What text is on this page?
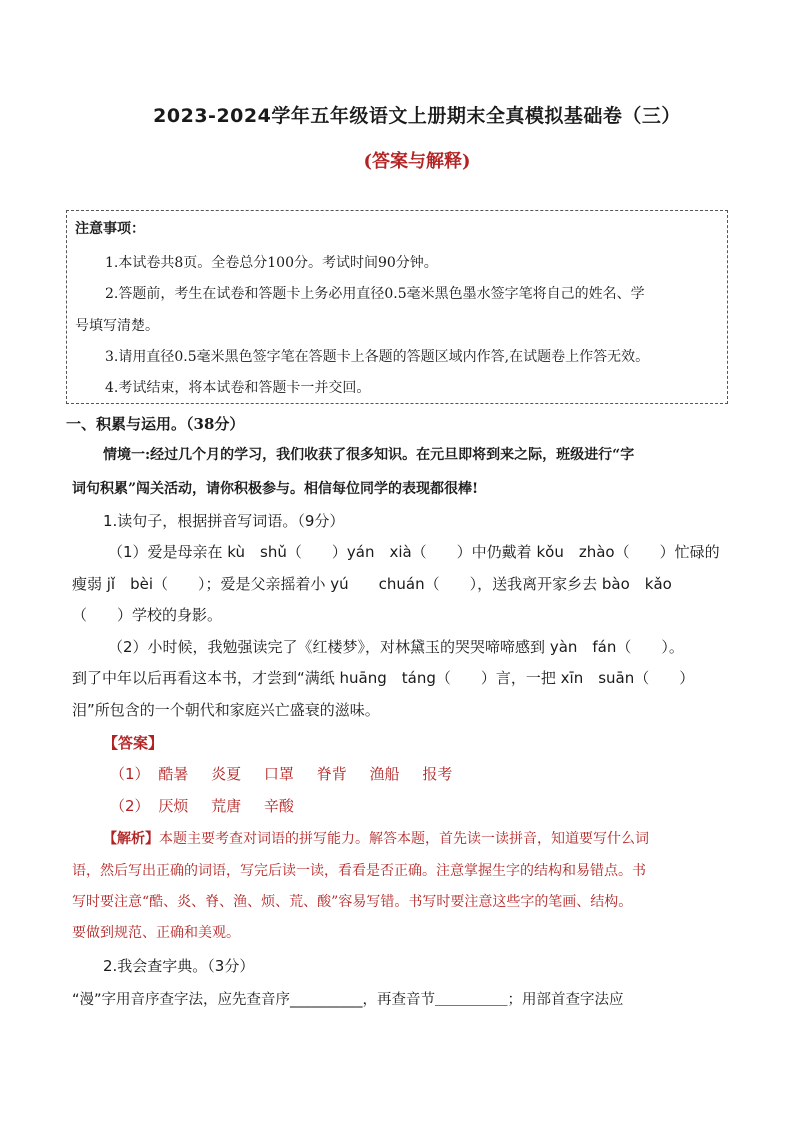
2023-2024学年五年级语文上册期末全真模拟基础卷（三）
(答案与解释)
注意事项：
1.本试卷共8页。全卷总分100分。考试时间90分钟。
2.答题前，考生在试卷和答题卡上务必用直径0.5毫米黑色墨水签字笔将自己的姓名、学
号填写清楚。
3.请用直径0.5毫米黑色签字笔在答题卡上各题的答题区域内作答,在试题卷上作答无效。
4.考试结束，将本试卷和答题卡一并交回。
一、积累与运用。（38分）
情境一:经过几个月的学习，我们收获了很多知识。在元旦即将到来之际，班级进行“字
词句积累”闯关活动，请你积极参与。相信每位同学的表现都很棒!
1.读句子，根据拼音写词语。（9分）
（1）爱是母亲在 kù　shǔ（　　）yán　xià（　　）中仍戴着 kǒu　zhào（　　）忙碌的
瘦弱 jǐ　bèi（　　）；爱是父亲摇着小 yú　　chuán（　　），送我离开家乡去 bào　kǎo
（　　）学校的身影。
（2）小时候，我勉强读完了《红楼梦》，对林黛玉的哭哭啼啼感到 yàn　fán（　　）。
到了中年以后再看这本书，才尝到“满纸 huāng　táng（　　）言，一把 xīn　suān（　　）
泪”所包含的一个朝代和家庭兴亡盛衰的滋味。
【答案】
（1） 酷暑 炎夏 口罩 脊背 渔船 报考
（2） 厌烦 荒唐 辛酸
【解析】本题主要考查对词语的拼写能力。解答本题，首先读一读拼音，知道要写什么词
语，然后写出正确的词语，写完后读一读，看看是否正确。注意掌握生字的结构和易错点。书
写时要注意“酷、炎、脊、渔、烦、荒、酸”容易写错。书写时要注意这些字的笔画、结构。
要做到规范、正确和美观。
2.我会查字典。（3分）
“漫”字用音序查字法，应先查音序__________，再查音节＿＿＿＿＿；用部首查字法应
